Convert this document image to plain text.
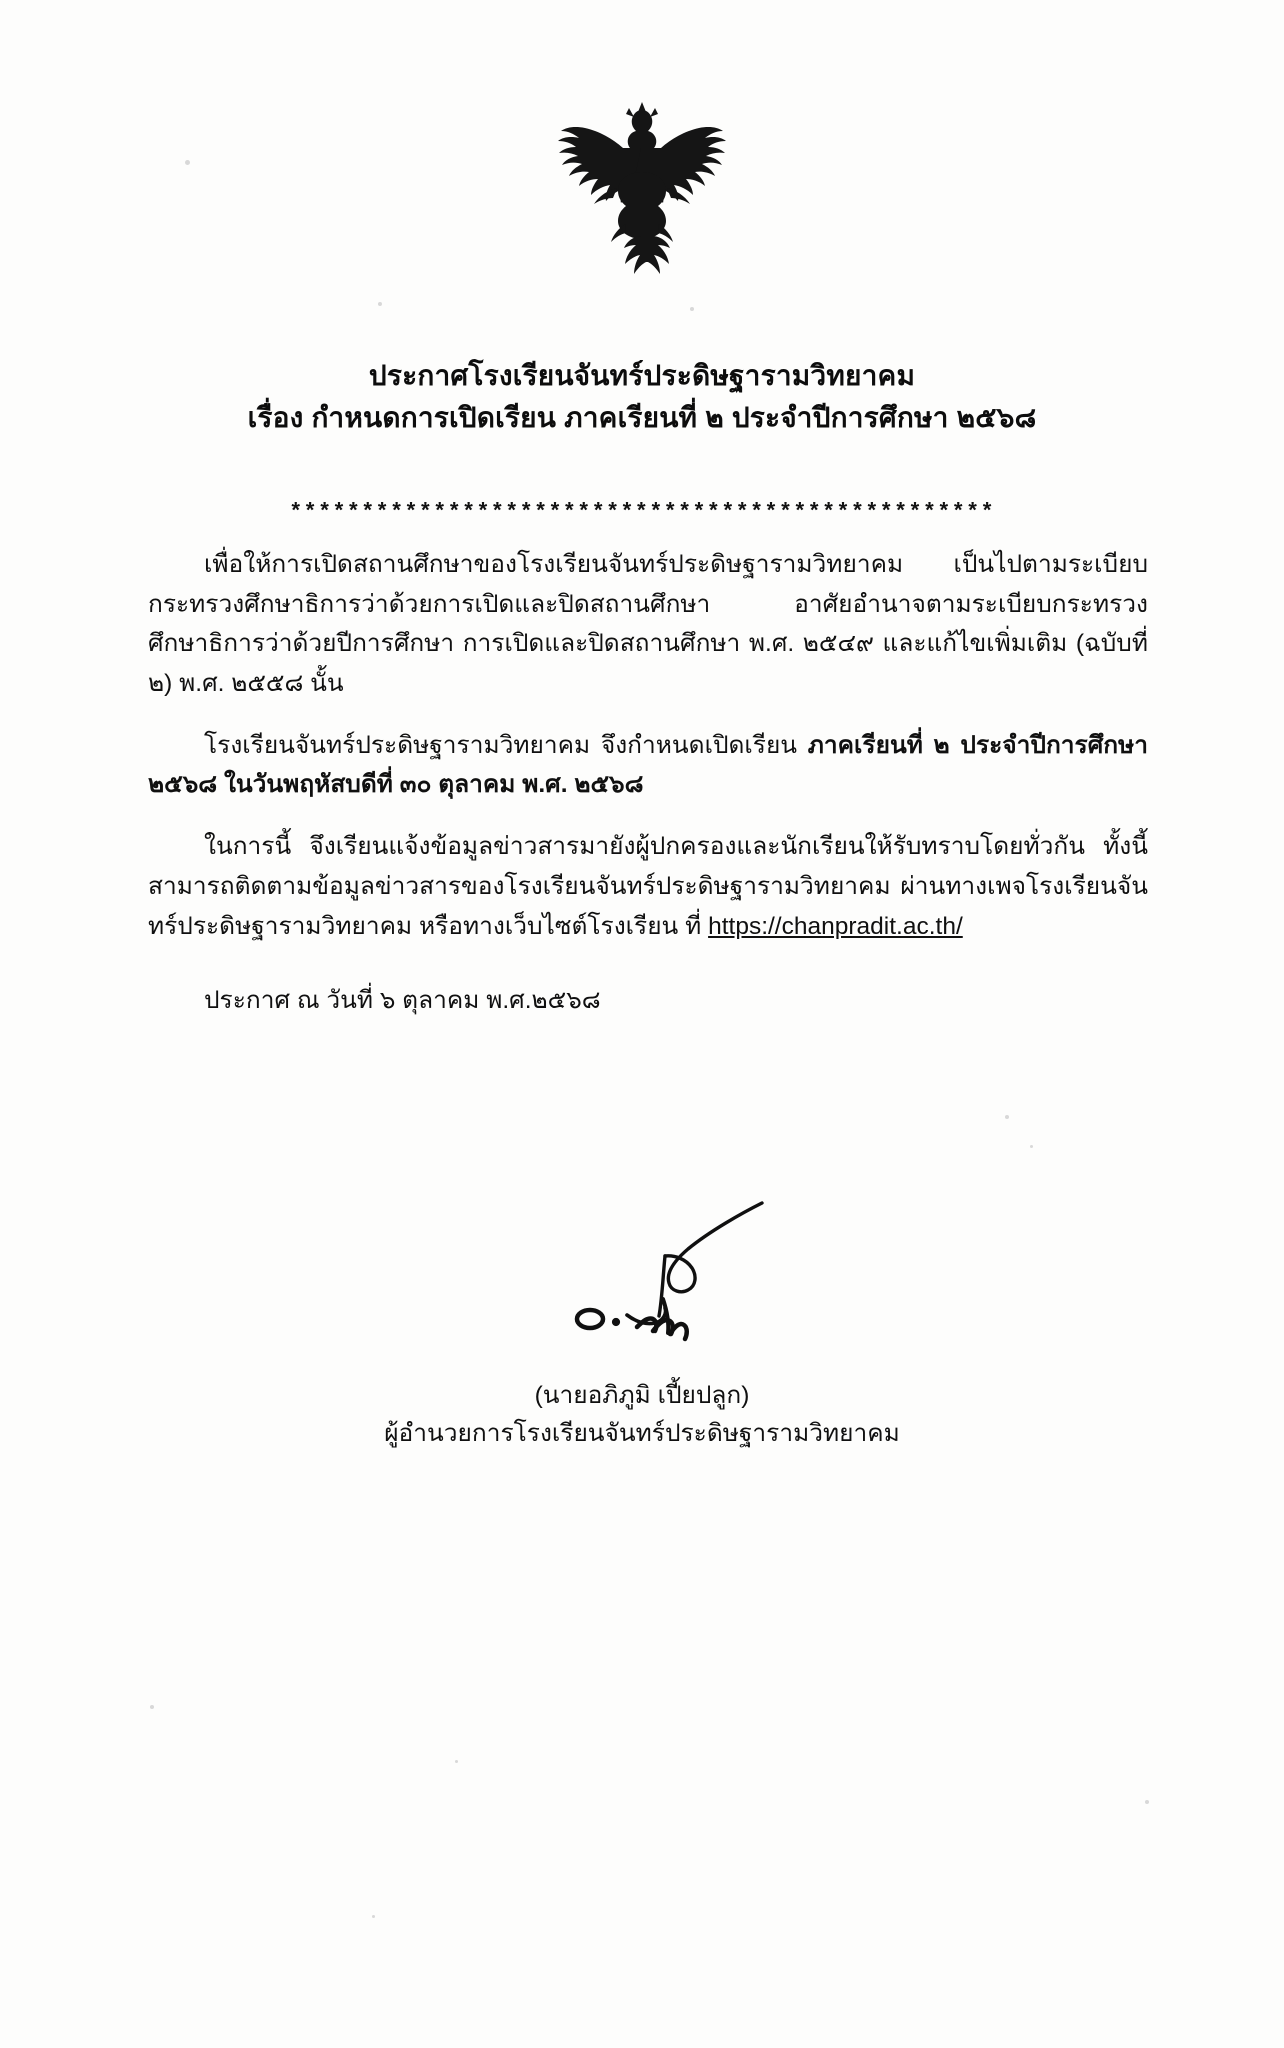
ประกาศโรงเรียนจันทร์ประดิษฐารามวิทยาคม
เรื่อง กำหนดการเปิดเรียน ภาคเรียนที่ ๒ ประจำปีการศึกษา ๒๕๖๘
*************************************************

เพื่อให้การเปิดสถานศึกษาของโรงเรียนจันทร์ประดิษฐารามวิทยาคม เป็นไปตามระเบียบกระทรวงศึกษาธิการว่าด้วยการเปิดและปิดสถานศึกษา อาศัยอำนาจตามระเบียบกระทรวงศึกษาธิการว่าด้วยปีการศึกษา การเปิดและปิดสถานศึกษา พ.ศ. ๒๕๔๙ และแก้ไขเพิ่มเติม (ฉบับที่ ๒) พ.ศ. ๒๕๕๘ นั้น

โรงเรียนจันทร์ประดิษฐารามวิทยาคม จึงกำหนดเปิดเรียน ภาคเรียนที่ ๒ ประจำปีการศึกษา ๒๕๖๘ ในวันพฤหัสบดีที่ ๓๐ ตุลาคม พ.ศ. ๒๕๖๘

ในการนี้ จึงเรียนแจ้งข้อมูลข่าวสารมายังผู้ปกครองและนักเรียนให้รับทราบโดยทั่วกัน ทั้งนี้สามารถติดตามข้อมูลข่าวสารของโรงเรียนจันทร์ประดิษฐารามวิทยาคม ผ่านทางเพจโรงเรียนจันทร์ประดิษฐารามวิทยาคม หรือทางเว็บไซต์โรงเรียน ที่ https://chanpradit.ac.th/

ประกาศ ณ วันที่ ๖ ตุลาคม พ.ศ.๒๕๖๘

(นายอภิภูมิ เปี้ยปลูก)
ผู้อำนวยการโรงเรียนจันทร์ประดิษฐารามวิทยาคม
